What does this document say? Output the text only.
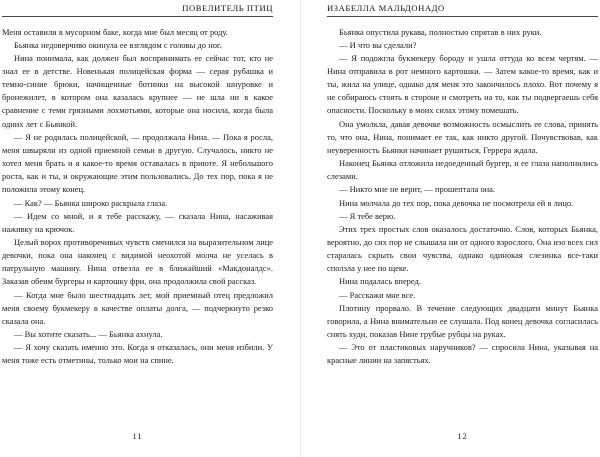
ПОВЕЛИТЕЛЬ ПТИЦ

Меня оставили в мусорном баке, когда мне был месяц от роду.

Бьянка недоверчиво окинула ее взглядом с головы до ног.

Нина понимала, как должен был воспринимать ее сейчас тот, кто не знал ее в детстве. Новенькая полицейская форма — серая рубашка и темно-синие брюки, начищенные ботинки на высокой шнуровке и бронежилет, в котором она казалась крупнее — не шла ни в какое сравнение с теми грязными лохмотьями, которые она носила, когда была одних лет с Бьянкой.

— Я не родилась полицейской, — продолжала Нина. — Пока я росла, меня швыряли из одной приемной семьи в другую. Случалось, никто не хотел меня брать и я какое-то время оставалась в приюте. Я небольшого роста, как и ты, и окружающие этим пользовались. До тех пор, пока я не положила этому конец.

— Как? — Бьянка широко раскрыла глаза.

— Идем со мной, и я тебе расскажу, — сказала Нина, насаживая наживку на крючок.

Целый ворох противоречивых чувств сменился на выразительном лице девочки, пока она наконец с видимой неохотой молча не уселась в патрульную машину. Нина отвезла ее в ближайший «Макдоналдс». Заказав обеим бургеры и картошку фри, она продолжила свой рассказ.

— Когда мне было шестнадцать лет, мой приемный отец предложил меня своему букмекеру в качестве оплаты долга, — подчеркнуто резко сказала она.

— Вы хотите сказать... — Бьянка ахнула.

— Я хочу сказать именно это. Когда я отказалась, они меня избили. У меня тоже есть отметины, только мои на спине.

11
ИЗАБЕЛЛА МАЛЬДОНАДО

Бьянка опустила рукава, полностью спрятав в них руки.

— И что вы сделали?

— Я подожгла букмекеру бороду и ушла оттуда ко всем чертям. — Нина отправила в рот немного картошки. — Затем какое-то время, как и ты, жила на улице, однако для меня это закончилось плохо. Вот почему я не собираюсь стоять в стороне и смотреть на то, как ты подвергаешь себя опасности. Поскольку в моих силах этому помешать.

Она умолкла, давая девочке возможность осмыслить ее слова, принять то, что она, Нина, понимает ее так, как никто другой. Почувствовав, как неуверенность Бьянки начинает рушиться, Геррера ждала.

Наконец Бьянка отложила недоеденный бургер, и ее глаза наполнились слезами.

— Никто мне не верит, — прошептала она.

Нина молчала до тех пор, пока девочка не посмотрела ей в лицо.

— Я тебе верю.

Этих трех простых слов оказалось достаточно. Слов, которых Бьянка, вероятно, до сих пор не слышала ни от одного взрослого. Она изо всех сил старалась скрыть свои чувства, однако одинокая слезинка все-таки сползла у нее по щеке.

Нина подалась вперед.

— Расскажи мне все.

Плотину прорвало. В течение следующих двадцати минут Бьянка говорила, а Нина внимательно ее слушала. Под конец девочка согласилась снять худи, показав Нине грубые рубцы на руках.

— Это от пластиковых наручников? — спросила Нина, указывая на красные линии на запястьях.

12
